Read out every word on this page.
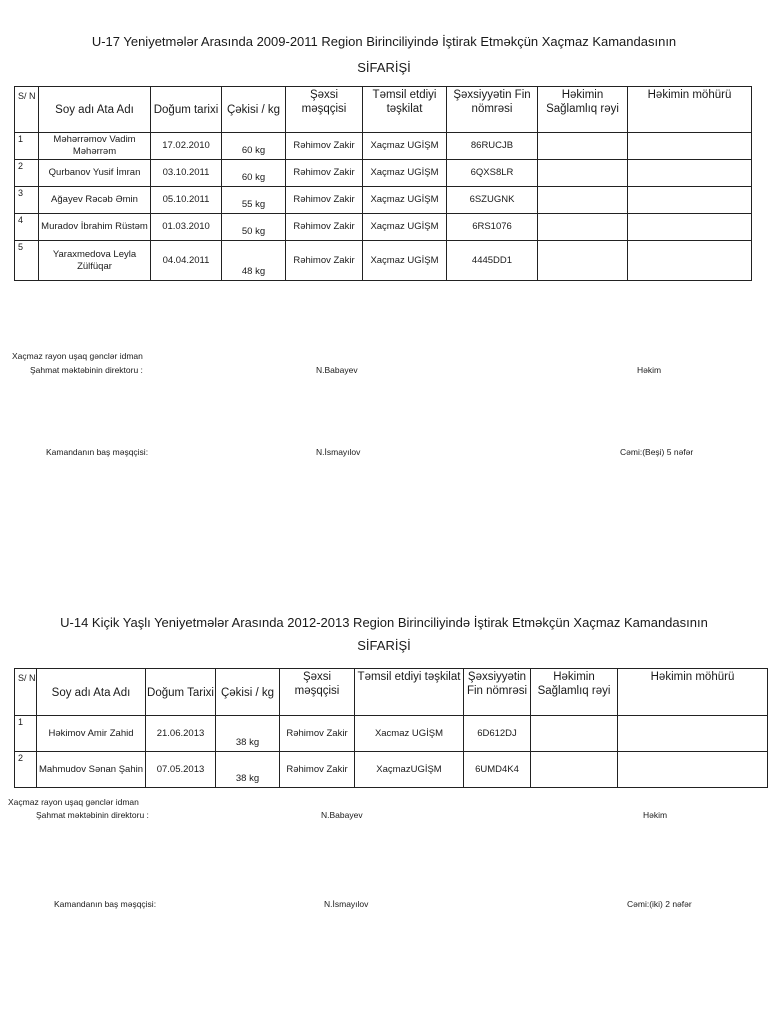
U-17 Yeniyetmələr Arasında 2009-2011 Region Birinciliyində İştirak Etməkçün Xaçmaz Kamandasının
SİFARİŞİ
S/ N	Soy adı Ata Adı	Doğum tarixi	Çəkisi / kg	Şəxsi məşqçisi	Təmsil etdiyi təşkilat	Şəxsiyyətin Fin nömrəsi	Həkimin Sağlamlıq rəyi	Həkimin möhürü
1	Məhərrəmov Vadim Məhərrəm	17.02.2010	60 kg	Rəhimov Zakir	Xaçmaz UGİŞM	86RUCJB		
2	Qurbanov Yusif İmran	03.10.2011	60 kg	Rəhimov Zakir	Xaçmaz UGİŞM	6QXS8LR		
3	Ağayev Rəcəb Əmin	05.10.2011	55 kg	Rəhimov Zakir	Xaçmaz UGİŞM	6SZUGNK		
4	Muradov İbrahim Rüstəm	01.03.2010	50 kg	Rəhimov Zakir	Xaçmaz UGİŞM	6RS1076		
5	Yaraxmedova Leyla Zülfüqar	04.04.2011	48 kg	Rəhimov Zakir	Xaçmaz UGİŞM	4445DD1		
Xaçmaz rayon uşaq gənclər idman
Şahmat məktəbinin direktoru :	N.Babayev	Həkim
Kamandanın baş məşqçisi:	N.İsmayılov	Cəmi:(Beşi) 5 nəfər
U-14 Kiçik Yaşlı Yeniyetmələr Arasında 2012-2013 Region Birinciliyində İştirak Etməkçün Xaçmaz Kamandasının
SİFARİŞİ
S/ N	Soy adı Ata Adı	Doğum Tarixi	Çəkisi / kg	Şəxsi məşqçisi	Təmsil etdiyi təşkilat	Şəxsiyyətin Fin nömrəsi	Həkimin Sağlamlıq rəyi	Həkimin möhürü
1	Həkimov Amir Zahid	21.06.2013	38 kg	Rəhimov Zakir	Xacmaz UGİŞM	6D612DJ		
2	Mahmudov Sənan Şahin	07.05.2013	38 kg	Rəhimov Zakir	XaçmazUGİŞM	6UMD4K4		
Xaçmaz rayon uşaq gənclər idman
Şahmat məktəbinin direktoru :	N.Babayev	Həkim
Kamandanın baş məşqçisi:	N.İsmayılov	Cəmi:(iki) 2 nəfər
